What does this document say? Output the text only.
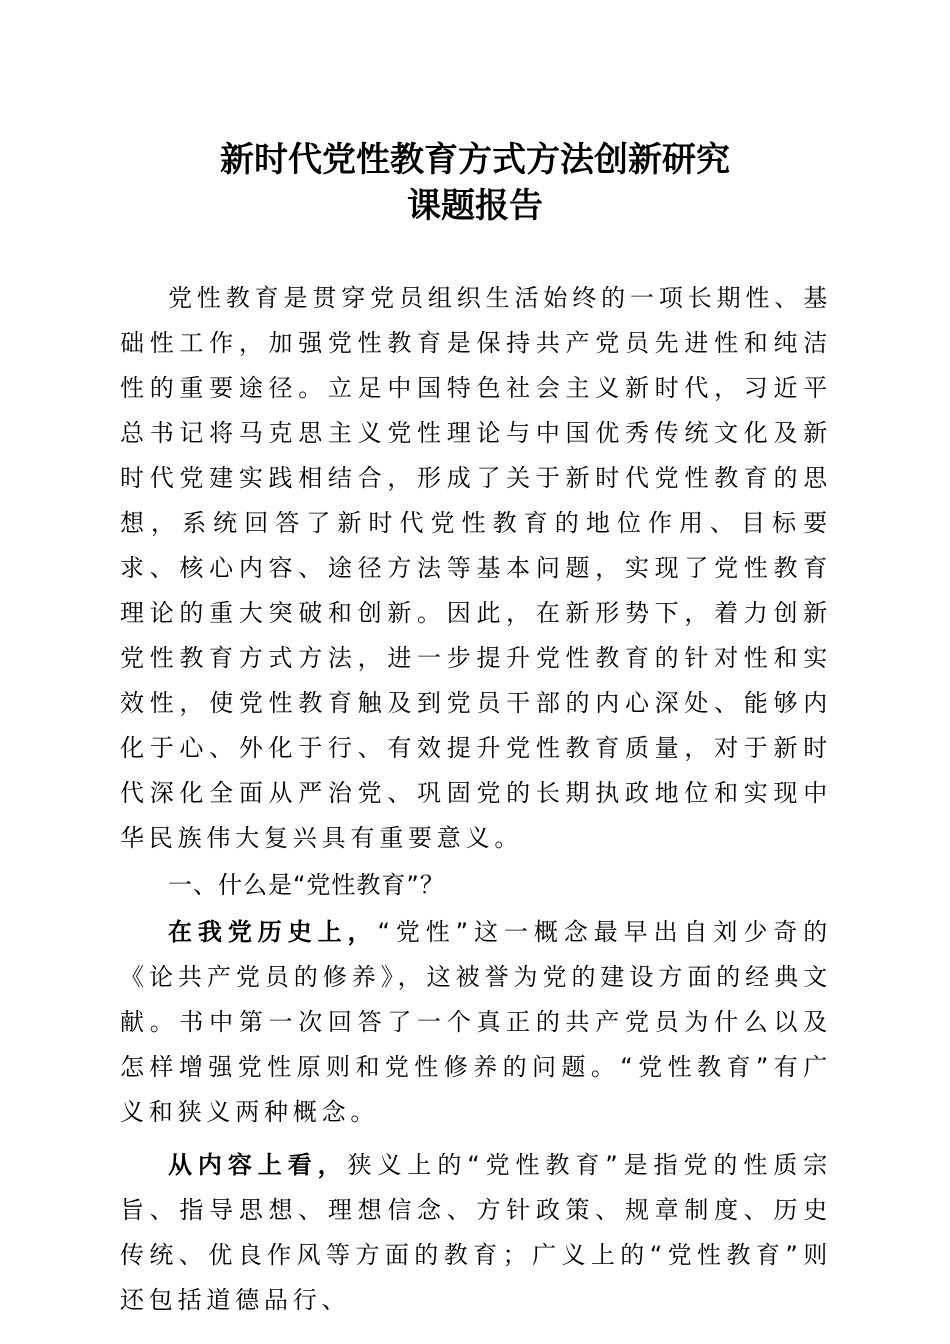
新时代党性教育方式方法创新研究
课题报告

党性教育是贯穿党员组织生活始终的一项长期性、基础性工作，加强党性教育是保持共产党员先进性和纯洁性的重要途径。立足中国特色社会主义新时代，习近平总书记将马克思主义党性理论与中国优秀传统文化及新时代党建实践相结合，形成了关于新时代党性教育的思想，系统回答了新时代党性教育的地位作用、目标要求、核心内容、途径方法等基本问题，实现了党性教育理论的重大突破和创新。因此，在新形势下，着力创新党性教育方式方法，进一步提升党性教育的针对性和实效性，使党性教育触及到党员干部的内心深处、能够内化于心、外化于行、有效提升党性教育质量，对于新时代深化全面从严治党、巩固党的长期执政地位和实现中华民族伟大复兴具有重要意义。

一、什么是“党性教育”？

在我党历史上，“党性”这一概念最早出自刘少奇的《论共产党员的修养》，这被誉为党的建设方面的经典文献。书中第一次回答了一个真正的共产党员为什么以及怎样增强党性原则和党性修养的问题。“党性教育”有广义和狭义两种概念。

从内容上看，狭义上的“党性教育”是指党的性质宗旨、指导思想、理想信念、方针政策、规章制度、历史传统、优良作风等方面的教育；广义上的“党性教育”则还包括道德品行、
